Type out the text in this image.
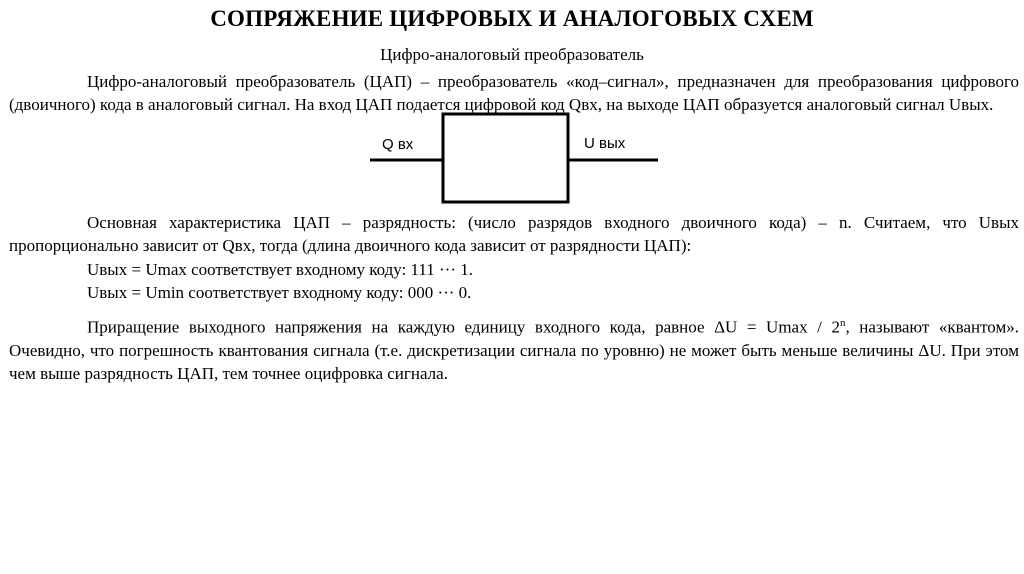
СОПРЯЖЕНИЕ ЦИФРОВЫХ И АНАЛОГОВЫХ СХЕМ
Цифро-аналоговый преобразователь

Цифро-аналоговый преобразователь (ЦАП) – преобразователь «код–сигнал», предназначен для преобразования цифрового (двоичного) кода в аналоговый сигнал. На вход ЦАП подается цифровой код Qвх, на выходе ЦАП образуется аналоговый сигнал Uвых.

Q вх	U вых

Основная характеристика ЦАП – разрядность: (число разрядов входного двоичного кода) – n. Считаем, что Uвых пропорционально зависит от Qвх, тогда (длина двоичного кода зависит от разрядности ЦАП):

Uвых = Umax соответствует входному коду: 111 ··· 1.
Uвых = Umin соответствует входному коду: 000 ··· 0.

Приращение выходного напряжения на каждую единицу входного кода, равное ΔU = Umax / 2$^n$, называют «квантом». Очевидно, что погрешность квантования сигнала (т.е. дискретизации сигнала по уровню) не может быть меньше величины ΔU. При этом чем выше разрядность ЦАП, тем точнее оцифровка сигнала.
